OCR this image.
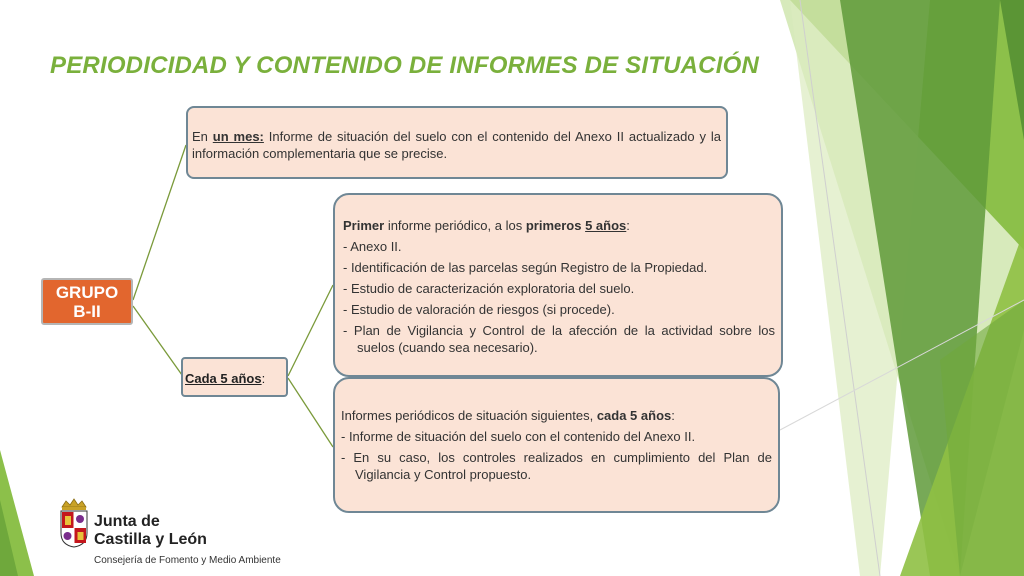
PERIODICIDAD Y CONTENIDO DE INFORMES DE SITUACIÓN
En un mes: Informe de situación del suelo con el contenido del Anexo II actualizado y la información complementaria que se precise.

Primer informe periódico, a los primeros 5 años:

- Anexo II.

- Identificación de las parcelas según Registro de la Propiedad.

- Estudio de caracterización exploratoria del suelo.

- Estudio de valoración de riesgos (si procede).

- Plan de Vigilancia y Control de la afección de la actividad sobre los suelos (cuando sea necesario).

Informes periódicos de situación siguientes, cada 5 años:

- Informe de situación del suelo con el contenido del Anexo II.

- En su caso, los controles realizados en cumplimiento del Plan de Vigilancia y Control propuesto.

GRUPO
B-II
Cada 5 años:
Junta de
Castilla y León
Consejería de Fomento y Medio Ambiente
